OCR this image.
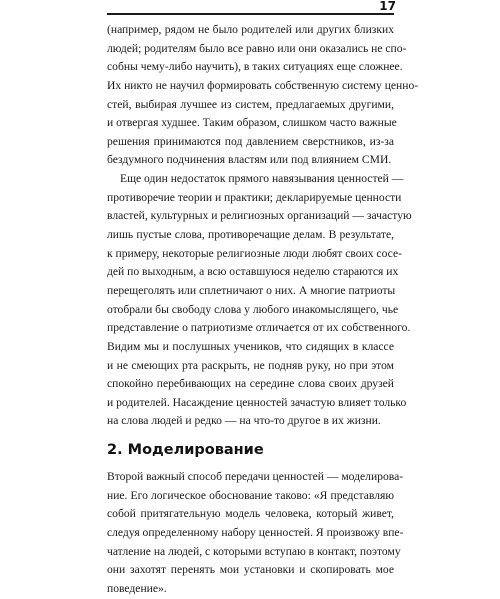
17
(например, рядом не было родителей или других близких
людей; родителям было все равно или они оказались не спо-
собны чему-либо научить), в таких ситуациях еще сложнее.
Их никто не научил формировать собственную систему ценно-
стей, выбирая лучшее из систем, предлагаемых другими,
и отвергая худшее. Таким образом, слишком часто важные
решения принимаются под давлением сверстников, из-за
бездумного подчинения властям или под влиянием СМИ.
Еще один недостаток прямого навязывания ценностей —
противоречие теории и практики; декларируемые ценности
властей, культурных и религиозных организаций — зачастую
лишь пустые слова, противоречащие делам. В результате,
к примеру, некоторые религиозные люди любят своих сосе-
дей по выходным, а всю оставшуюся неделю стараются их
перещеголять или сплетничают о них. А многие патриоты
отобрали бы свободу слова у любого инакомыслящего, чье
представление о патриотизме отличается от их собственного.
Видим мы и послушных учеников, что сидящих в классе
и не смеющих рта раскрыть, не подняв руку, но при этом
спокойно перебивающих на середине слова своих друзей
и родителей. Насаждение ценностей зачастую влияет только
на слова людей и редко — на что-то другое в их жизни.
2. Моделирование
Второй важный способ передачи ценностей — моделирова-
ние. Его логическое обоснование таково: «Я представляю
собой притягательную модель человека, который живет,
следуя определенному набору ценностей. Я произвожу впе-
чатление на людей, с которыми вступаю в контакт, поэтому
они захотят перенять мои установки и скопировать мое
поведение».
